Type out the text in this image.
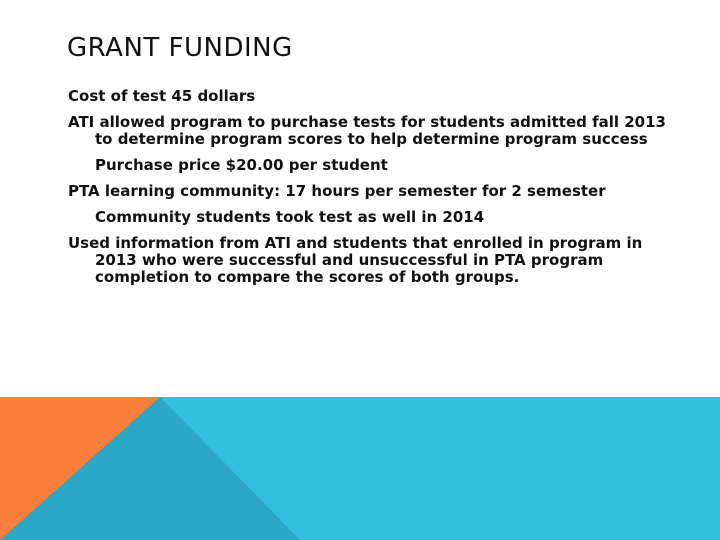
GRANT FUNDING

Cost of test 45 dollars

ATI allowed program to purchase tests for students admitted fall 2013 to determine program scores to help determine program success

Purchase price $20.00 per student

PTA learning community: 17 hours per semester for 2 semester

Community students took test as well in 2014

Used information from ATI and students that enrolled in program in 2013 who were successful and unsuccessful in PTA program completion to compare the scores of both groups.
